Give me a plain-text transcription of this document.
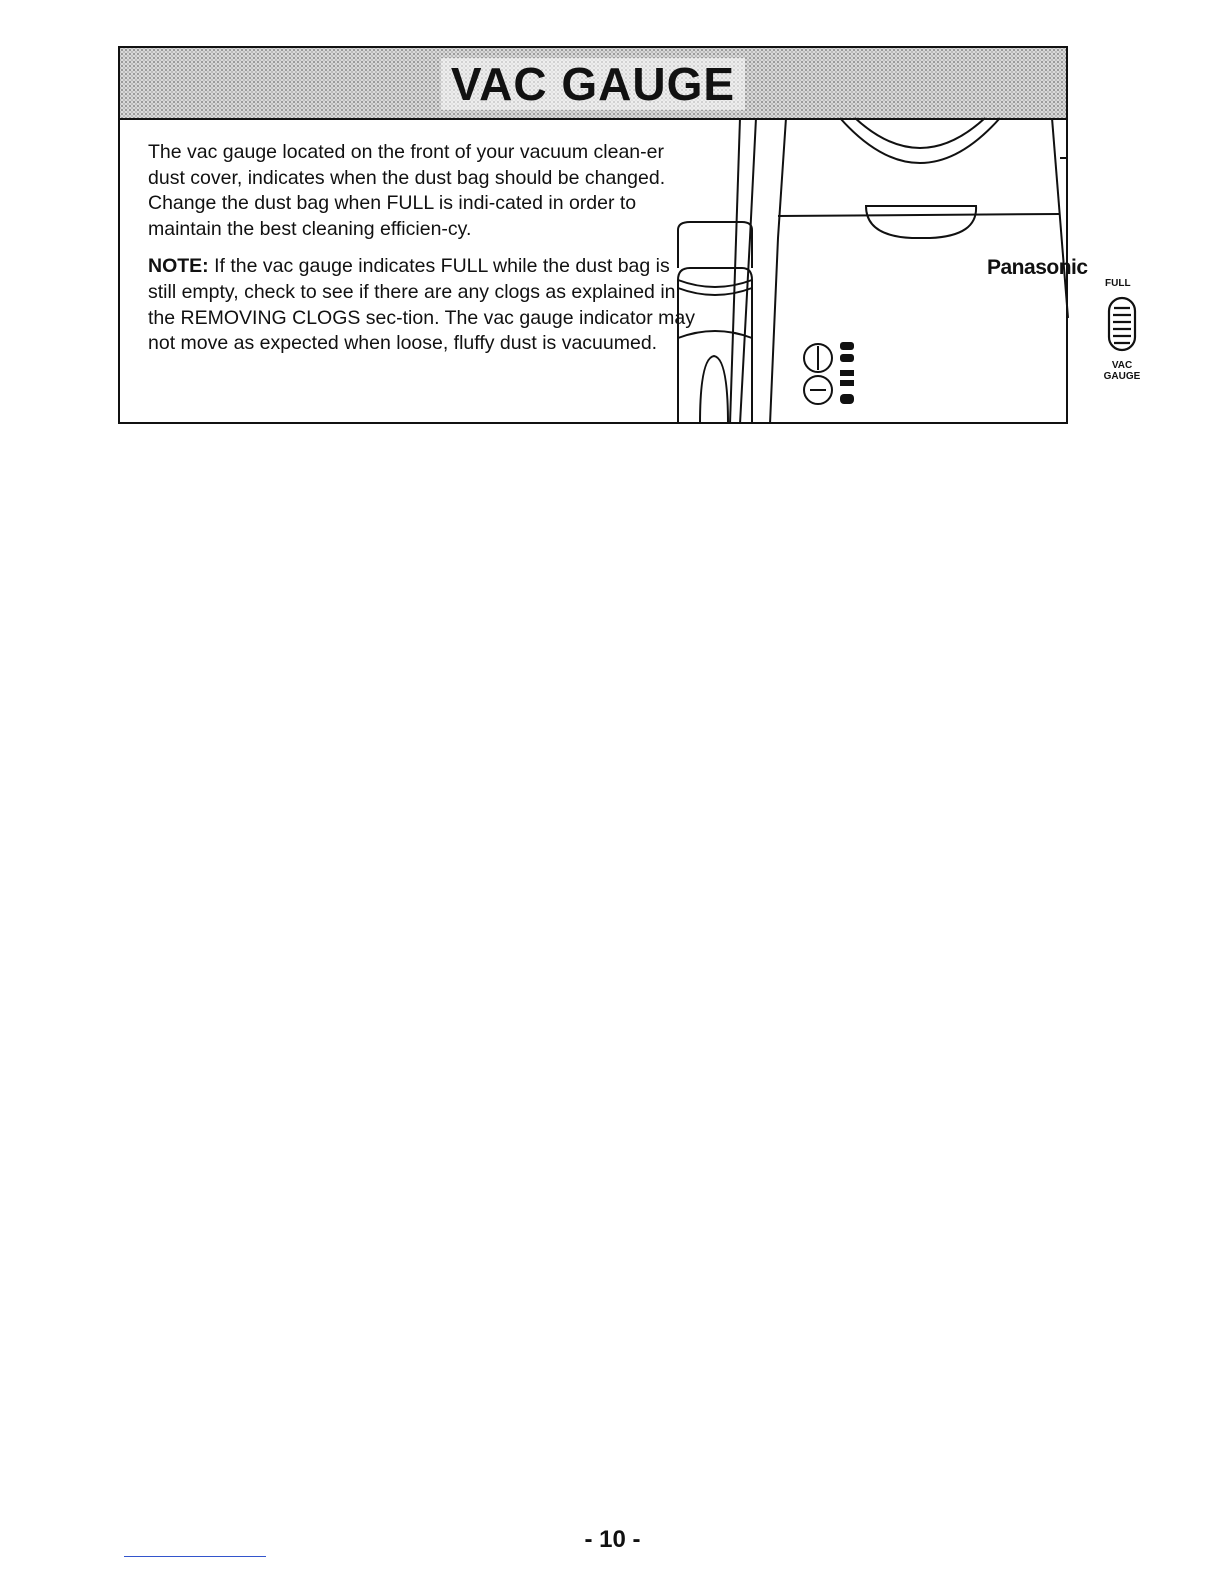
VAC GAUGE

The vac gauge located on the front of your vacuum clean-er dust cover, indicates when the dust bag should be changed. Change the dust bag when FULL is indi-cated in order to maintain the best cleaning efficien-cy.

NOTE: If the vac gauge indicates FULL while the dust bag is still empty, check to see if there are any clogs as explained in the REMOVING CLOGS sec-tion. The vac gauge indicator may not move as expected when loose, fluffy dust is vacuumed.

Panasonic
FULL
VAC
GAUGE
- 10 -
